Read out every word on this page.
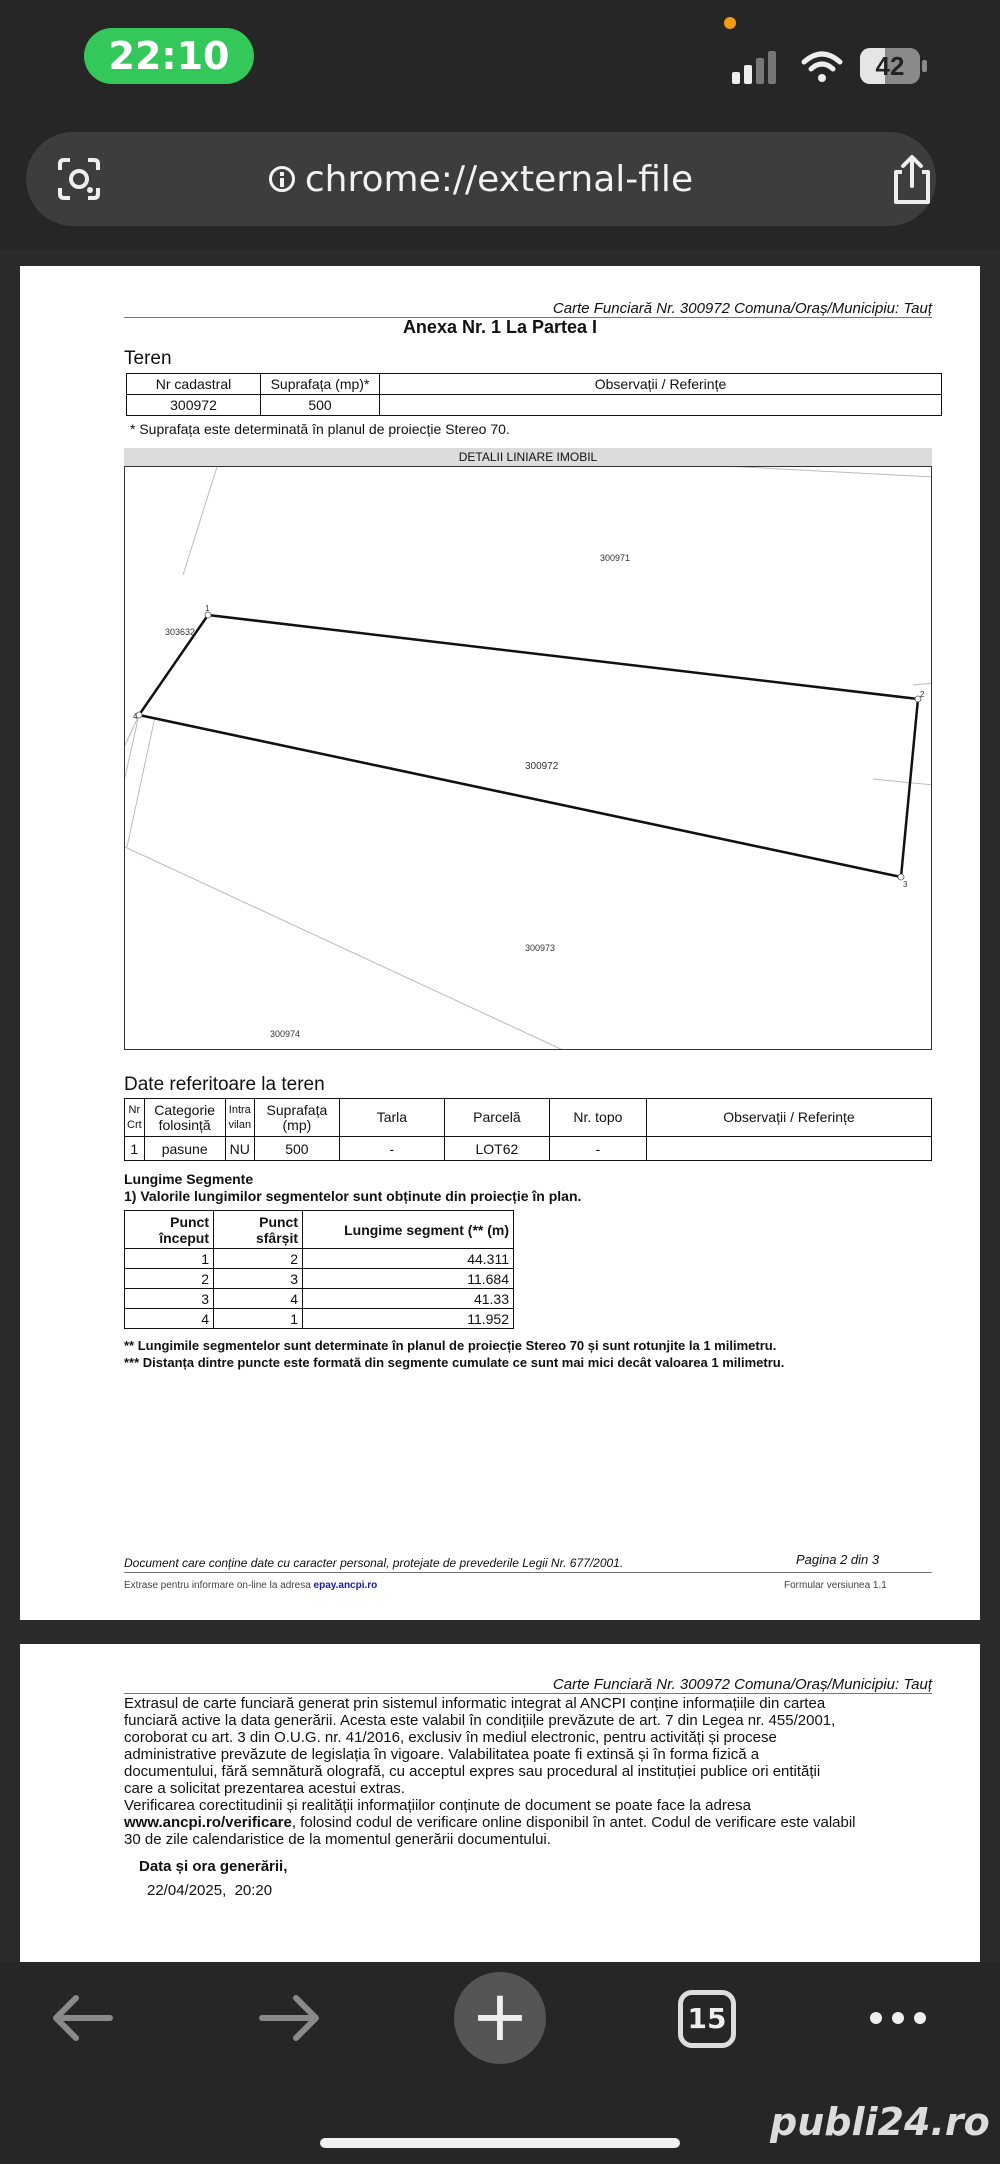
22:10	42
chrome://external-file
Carte Funciară Nr. 300972 Comuna/Oraș/Municipiu: Tauț
Anexa Nr. 1 La Partea I
Teren
Nr cadastral	Suprafața (mp)*	Observații / Referințe
300972	500	
* Suprafața este determinată în planul de proiecție Stereo 70.
DETALII LINIARE IMOBIL
300971
303632
300972
300973
300974
1
2
3
4
Date referitoare la teren
Nr Crt	Categorie folosință	Intra vilan	Suprafața (mp)	Tarla	Parcelă	Nr. topo	Observații / Referințe
1	pasune	NU	500	-	LOT62	-	
Lungime Segmente
1) Valorile lungimilor segmentelor sunt obținute din proiecție în plan.
Punct început	Punct sfârșit	Lungime segment (** (m)
1	2	44.311
2	3	11.684
3	4	41.33
4	1	11.952
** Lungimile segmentelor sunt determinate în planul de proiecție Stereo 70 și sunt rotunjite la 1 milimetru.
*** Distanța dintre puncte este formată din segmente cumulate ce sunt mai mici decât valoarea 1 milimetru.
Document care conține date cu caracter personal, protejate de prevederile Legii Nr. 677/2001.	Pagina 2 din 3
Extrase pentru informare on-line la adresa epay.ancpi.ro	Formular versiunea 1.1
Carte Funciară Nr. 300972 Comuna/Oraș/Municipiu: Tauț
Extrasul de carte funciară generat prin sistemul informatic integrat al ANCPI conține informațiile din cartea
funciară active la data generării. Acesta este valabil în condițiile prevăzute de art. 7 din Legea nr. 455/2001,
coroborat cu art. 3 din O.U.G. nr. 41/2016, exclusiv în mediul electronic, pentru activități și procese
administrative prevăzute de legislația în vigoare. Valabilitatea poate fi extinsă și în forma fizică a
documentului, fără semnătură olografă, cu acceptul expres sau procedural al instituției publice ori entității
care a solicitat prezentarea acestui extras.
Verificarea corectitudinii și realității informațiilor conținute de document se poate face la adresa
www.ancpi.ro/verificare, folosind codul de verificare online disponibil în antet. Codul de verificare este valabil
30 de zile calendaristice de la momentul generării documentului.
Data și ora generării,
22/04/2025,  20:20
+	15
publi24.ro
